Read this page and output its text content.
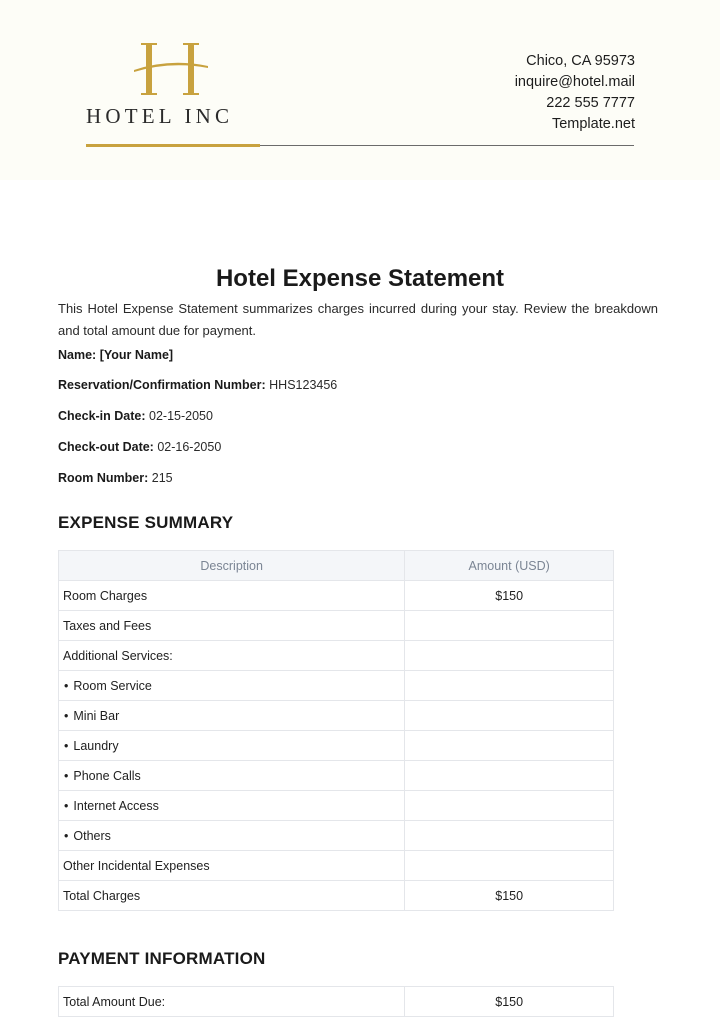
HOTEL INC
Chico, CA 95973
inquire@hotel.mail
222 555 7777
Template.net
Hotel Expense Statement

This Hotel Expense Statement summarizes charges incurred during your stay. Review the breakdown and total amount due for payment.

Name: [Your Name]
Reservation/Confirmation Number: HHS123456
Check-in Date: 02-15-2050
Check-out Date: 02-16-2050
Room Number: 215
EXPENSE SUMMARY
Description	Amount (USD)
Room Charges	$150
Taxes and Fees	
Additional Services:	
• Room Service	
• Mini Bar	
• Laundry	
• Phone Calls	
• Internet Access	
• Others	
Other Incidental Expenses	
Total Charges	$150
PAYMENT INFORMATION
Total Amount Due:	$150
